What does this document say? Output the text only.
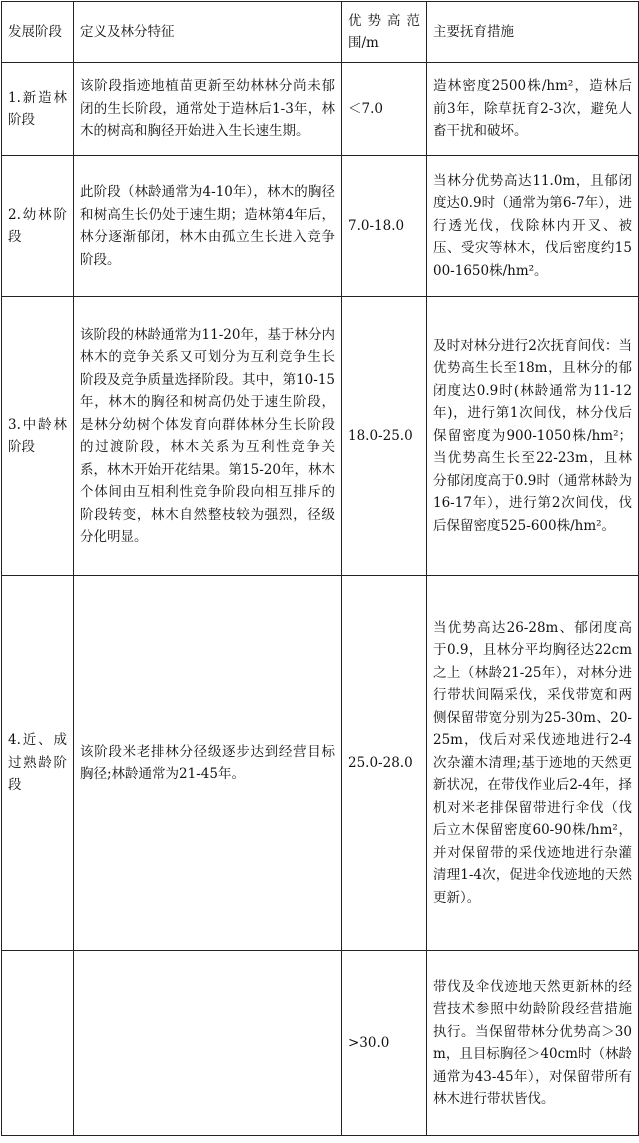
发展阶段	定义及林分特征	优势高范围/m	主要抚育措施
1.新造林阶段	该阶段指迹地植苗更新至幼林林分尚未郁闭的生长阶段，通常处于造林后1-3年，林木的树高和胸径开始进入生长速生期。	＜7.0	造林密度2500株/hm²，造林后前3年，除草抚育2-3次，避免人畜干扰和破坏。
2.幼林阶段	此阶段（林龄通常为4-10年），林木的胸径和树高生长仍处于速生期；造林第4年后，林分逐渐郁闭，林木由孤立生长进入竞争阶段。	7.0-18.0	当林分优势高达11.0m，且郁闭度达0.9时（通常为第6-7年），进行透光伐，伐除林内开叉、被压、受灾等林木，伐后密度约1500-1650株/hm²。
3.中龄林阶段	该阶段的林龄通常为11-20年，基于林分内林木的竞争关系又可划分为互利竞争生长阶段及竞争质量选择阶段。其中，第10-15年，林木的胸径和树高仍处于速生阶段，是林分幼树个体发育向群体林分生长阶段的过渡阶段，林木关系为互利性竞争关系，林木开始开花结果。第15-20年，林木个体间由互相利性竞争阶段向相互排斥的阶段转变，林木自然整枝较为强烈，径级分化明显。	18.0-25.0	及时对林分进行2次抚育间伐：当优势高生长至18m，且林分的郁闭度达0.9时(林龄通常为11-12年)，进行第1次间伐，林分伐后保留密度为900-1050株/hm²；当优势高生长至22-23m，且林分郁闭度高于0.9时（通常林龄为16-17年），进行第2次间伐，伐后保留密度525-600株/hm²。
4.近、成过熟龄阶段	该阶段米老排林分径级逐步达到经营目标胸径;林龄通常为21-45年。	25.0-28.0	当优势高达26-28m、郁闭度高于0.9，且林分平均胸径达22cm之上（林龄21-25年），对林分进行带状间隔采伐，采伐带宽和两侧保留带宽分别为25-30m、20-25m，伐后对采伐迹地进行2-4次杂灌木清理;基于迹地的天然更新状况，在带伐作业后2-4年，择机对米老排保留带进行伞伐（伐后立木保留密度60-90株/hm²，并对保留带的采伐迹地进行杂灌清理1-4次，促进伞伐迹地的天然更新）。
		>30.0	带伐及伞伐迹地天然更新林的经营技术参照中幼龄阶段经营措施执行。当保留带林分优势高＞30m，且目标胸径＞40cm时（林龄通常为43-45年），对保留带所有林木进行带状皆伐。
